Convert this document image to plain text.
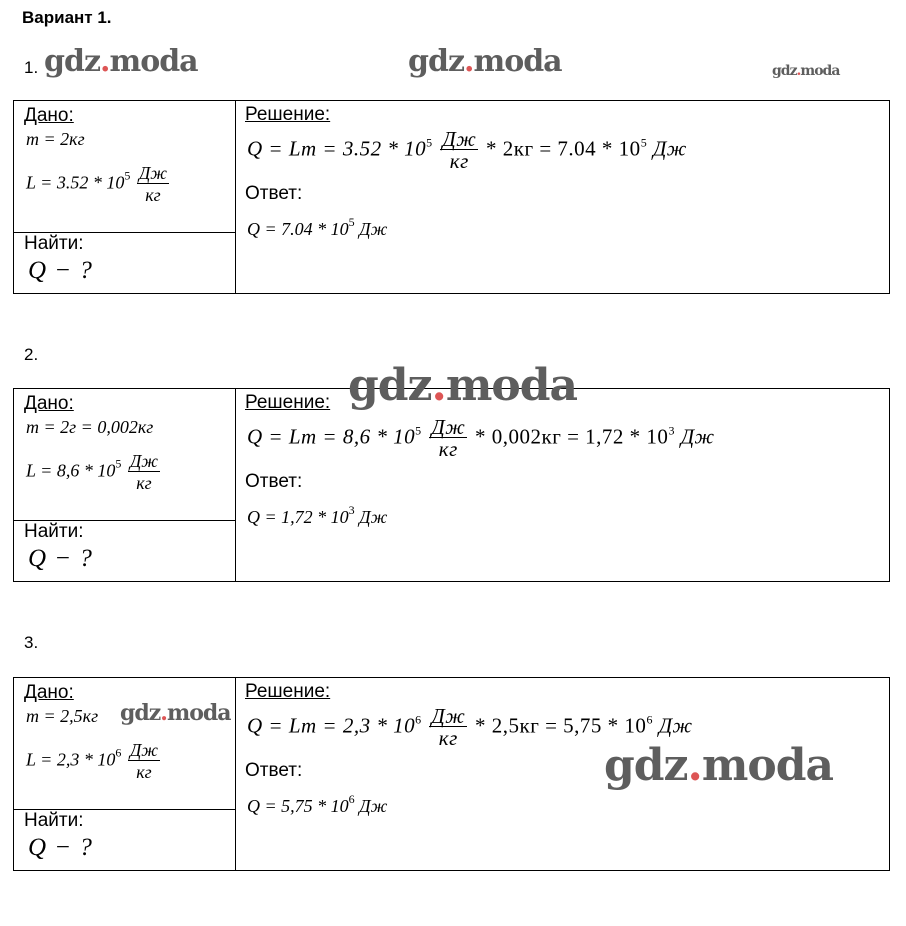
Вариант 1.
1.
Дано:
m = 2кг
$L = 3.52 * 10^5 \frac{Дж}{кг}$
Найти:
Q − ?
Решение:
$Q = Lm = 3.52 * 10^5 \frac{Дж}{кг} * 2кг = 7.04 * 10^5$ Дж
Ответ:
$Q = 7.04 * 10^5$ Дж
2.
Дано:
m = 2г = 0,002кг
$L = 8,6 * 10^5 \frac{Дж}{кг}$
Найти:
Q − ?
Решение:
$Q = Lm = 8,6 * 10^5 \frac{Дж}{кг} * 0,002кг = 1,72 * 10^3$ Дж
Ответ:
$Q = 1,72 * 10^3$ Дж
3.
Дано:
m = 2,5кг
$L = 2,3 * 10^6 \frac{Дж}{кг}$
Найти:
Q − ?
Решение:
$Q = Lm = 2,3 * 10^6 \frac{Дж}{кг} * 2,5кг = 5,75 * 10^6$ Дж
Ответ:
$Q = 5,75 * 10^6$ Дж
gdz.moda	gdz.moda	gdz.moda
gdz.moda
gdz.moda
gdz.moda
